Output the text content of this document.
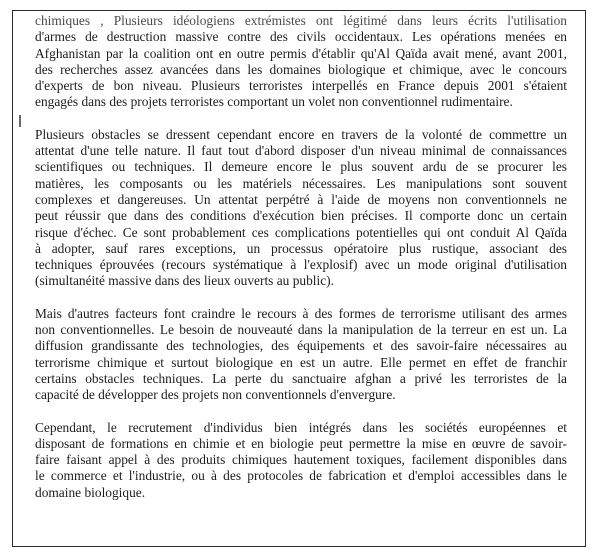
chimiques , Plusieurs idéologiens extrémistes ont légitimé dans leurs écrits l'utilisation
d'armes de destruction massive contre des civils occidentaux. Les opérations menées en
Afghanistan par la coalition ont en outre permis d'établir qu'Al Qaïda avait mené, avant 2001,
des recherches assez avancées dans les domaines biologique et chimique, avec le concours
d'experts de bon niveau. Plusieurs terroristes interpellés en France depuis 2001 s'étaient
engagés dans des projets terroristes comportant un volet non conventionnel rudimentaire.
Plusieurs obstacles se dressent cependant encore en travers de la volonté de commettre un
attentat d'une telle nature. Il faut tout d'abord disposer d'un niveau minimal de connaissances
scientifiques ou techniques. Il demeure encore le plus souvent ardu de se procurer les
matières, les composants ou les matériels nécessaires. Les manipulations sont souvent
complexes et dangereuses. Un attentat perpétré à l'aide de moyens non conventionnels ne
peut réussir que dans des conditions d'exécution bien précises. Il comporte donc un certain
risque d'échec. Ce sont probablement ces complications potentielles qui ont conduit Al Qaïda
à adopter, sauf rares exceptions, un processus opératoire plus rustique, associant des
techniques éprouvées (recours systématique à l'explosif) avec un mode original d'utilisation
(simultanéité massive dans des lieux ouverts au public).
Mais d'autres facteurs font craindre le recours à des formes de terrorisme utilisant des armes
non conventionnelles. Le besoin de nouveauté dans la manipulation de la terreur en est un. La
diffusion grandissante des technologies, des équipements et des savoir-faire nécessaires au
terrorisme chimique et surtout biologique en est un autre. Elle permet en effet de franchir
certains obstacles techniques. La perte du sanctuaire afghan a privé les terroristes de la
capacité de développer des projets non conventionnels d'envergure.
Cependant, le recrutement d'individus bien intégrés dans les sociétés européennes et
disposant de formations en chimie et en biologie peut permettre la mise en œuvre de savoir-
faire faisant appel à des produits chimiques hautement toxiques, facilement disponibles dans
le commerce et l'industrie, ou à des protocoles de fabrication et d'emploi accessibles dans le
domaine biologique.
